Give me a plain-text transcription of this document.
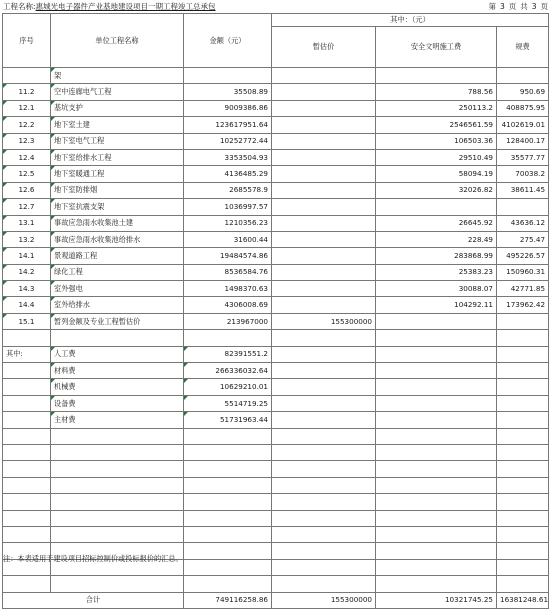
工程名称:惠城光电子器件产业基地建设项目一期工程竣工总承包	第 3 页 共 3 页
序号	单位工程名称	金额（元）	其中：（元）		
			暂估价	安全文明施工费	规费
	架				
11.2	空中连廊电气工程	35508.89		788.56	950.69
12.1	基坑支护	9009386.86		250113.2	408875.95
12.2	地下室土建	123617951.64		2546561.59	4102619.01
12.3	地下室电气工程	10252772.44		106503.36	128400.17
12.4	地下室给排水工程	3353504.93		29510.49	35577.77
12.5	地下室暖通工程	4136485.29		58094.19	70038.2
12.6	地下室防排烟	2685578.9		32026.82	38611.45
12.7	地下室抗震支架	1036997.57			
13.1	事故应急雨水收集池土建	1210356.23		26645.92	43636.12
13.2	事故应急雨水收集池给排水	31600.44		228.49	275.47
14.1	景观道路工程	19484574.86		283868.99	495226.57
14.2	绿化工程	8536584.76		25383.23	150960.31
14.3	室外强电	1498370.63		30088.07	42771.85
14.4	室外给排水	4306008.69		104292.11	173962.42
15.1	暂列金额及专业工程暂估价	213967000	155300000		

其中:	人工费	82391551.2			
	材料费	266336032.64			
	机械费	10629210.01			
	设备费	5514719.25			
	主材费	51731963.44			

合计		749116258.86	155300000	10321745.25	16381248.61
注：本表适用于建设项目招标控制价或投标报价的汇总。
